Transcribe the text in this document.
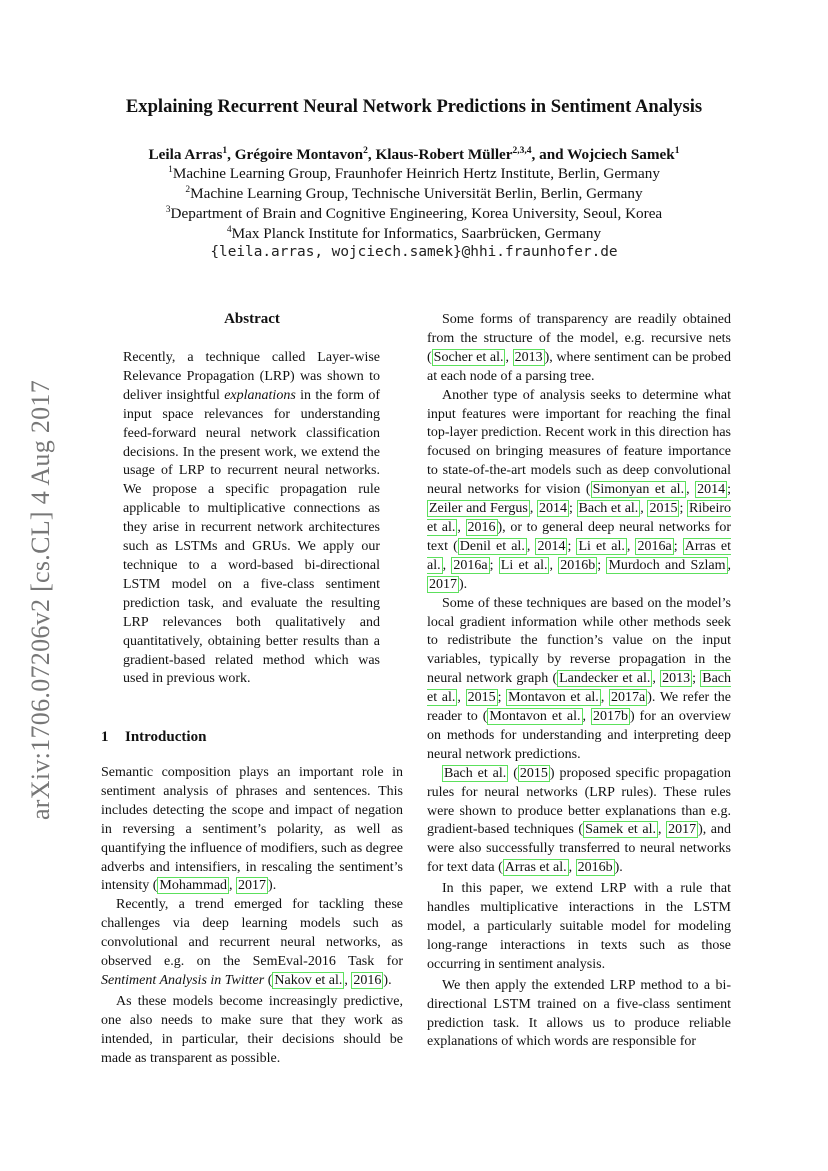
arXiv:1706.07206v2 [cs.CL] 4 Aug 2017
Explaining Recurrent Neural Network Predictions in Sentiment Analysis
Leila Arras$^1$, Grégoire Montavon$^2$, Klaus-Robert Müller$^{2,3,4}$, and Wojciech Samek$^1$
$^1$Machine Learning Group, Fraunhofer Heinrich Hertz Institute, Berlin, Germany
$^2$Machine Learning Group, Technische Universität Berlin, Berlin, Germany
$^3$Department of Brain and Cognitive Engineering, Korea University, Seoul, Korea
$^4$Max Planck Institute for Informatics, Saarbrücken, Germany
{leila.arras, wojciech.samek}@hhi.fraunhofer.de
Abstract

Recently, a technique called Layer-wise Relevance Propagation (LRP) was shown to deliver insightful explanations in the form of input space relevances for understanding feed-forward neural network classification decisions. In the present work, we extend the usage of LRP to recurrent neural networks. We propose a specific propagation rule applicable to multiplicative connections as they arise in recurrent network architectures such as LSTMs and GRUs. We apply our technique to a word-based bi-directional LSTM model on a five-class sentiment prediction task, and evaluate the resulting LRP relevances both qualitatively and quantitatively, obtaining better results than a gradient-based related method which was used in previous work.

1 Introduction

Semantic composition plays an important role in sentiment analysis of phrases and sentences. This includes detecting the scope and impact of negation in reversing a sentiment’s polarity, as well as quantifying the influence of modifiers, such as degree adverbs and intensifiers, in rescaling the sentiment’s intensity ( Mohammad , 2017 ).

Recently, a trend emerged for tackling these challenges via deep learning models such as convolutional and recurrent neural networks, as observed e.g. on the SemEval-2016 Task for Sentiment Analysis in Twitter ( Nakov et al. , 2016 ).

As these models become increasingly predictive, one also needs to make sure that they work as intended, in particular, their decisions should be made as transparent as possible.

Some forms of transparency are readily obtained from the structure of the model, e.g. recursive nets ( Socher et al. , 2013 ), where sentiment can be probed at each node of a parsing tree.

Another type of analysis seeks to determine what input features were important for reaching the final top-layer prediction. Recent work in this direction has focused on bringing measures of feature importance to state-of-the-art models such as deep convolutional neural networks for vision ( Simonyan et al. , 2014 ; Zeiler and Fergus , 2014 ; Bach et al. , 2015 ; Ribeiro et al. , 2016 ), or to general deep neural networks for text ( Denil et al. , 2014 ; Li et al. , 2016a ; Arras et al. , 2016a ; Li et al. , 2016b ; Murdoch and Szlam , 2017 ).

Some of these techniques are based on the model’s local gradient information while other methods seek to redistribute the function’s value on the input variables, typically by reverse propagation in the neural network graph ( Landecker et al. , 2013 ; Bach et al. , 2015 ; Montavon et al. , 2017a ). We refer the reader to ( Montavon et al. , 2017b ) for an overview on methods for understanding and interpreting deep neural network predictions.

Bach et al. ( 2015 ) proposed specific propagation rules for neural networks (LRP rules). These rules were shown to produce better explanations than e.g. gradient-based techniques ( Samek et al. , 2017 ), and were also successfully transferred to neural networks for text data ( Arras et al. , 2016b ).

In this paper, we extend LRP with a rule that handles multiplicative interactions in the LSTM model, a particularly suitable model for modeling long-range interactions in texts such as those occurring in sentiment analysis.

We then apply the extended LRP method to a bi-directional LSTM trained on a five-class sentiment prediction task. It allows us to produce reliable explanations of which words are responsible for
